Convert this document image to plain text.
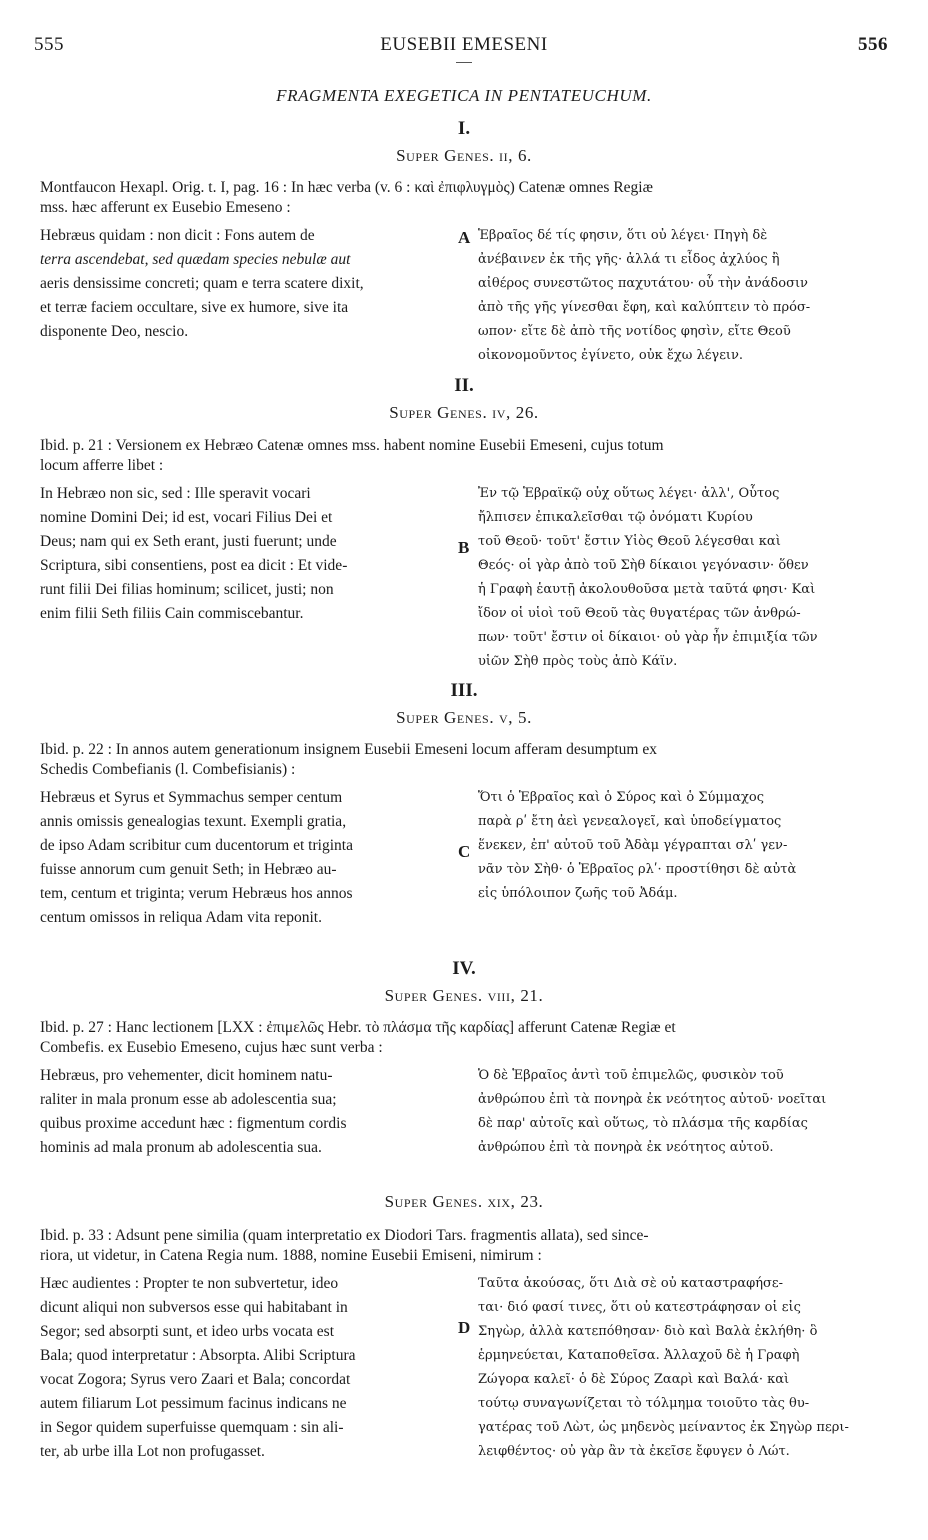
555	EUSEBII EMESENI	556
FRAGMENTA EXEGETICA IN PENTATEUCHUM.
I.
Super Genes. ii, 6.
Montfaucon Hexapl. Orig. t. I, pag. 16 : In hæc verba (v. 6 : καὶ ἐπιφλυγμὸς) Catenæ omnes Regiæ
mss. hæc afferunt ex Eusebio Emeseno :
A
Hebræus quidam : non dicit : Fons autem de
terra ascendebat, sed quædam species nebulæ aut
aeris densissime concreti; quam e terra scatere dixit,
et terræ faciem occultare, sive ex humore, sive ita
disponente Deo, nescio.
Ἑβραῖος δέ τίς φησιν, ὅτι οὐ λέγει· Πηγὴ δὲ
ἀνέβαινεν ἐκ τῆς γῆς· ἀλλά τι εἶδος ἀχλύος ἢ
αἰθέρος συνεστῶτος παχυτάτου· οὗ τὴν ἀνάδοσιν
ἀπὸ τῆς γῆς γίνεσθαι ἔφη, καὶ καλύπτειν τὸ πρόσ-
ωπον· εἴτε δὲ ἀπὸ τῆς νοτίδος φησὶν, εἴτε Θεοῦ
οἰκονομοῦντος ἐγίνετο, οὐκ ἔχω λέγειν.
II.
Super Genes. iv, 26.
Ibid. p. 21 : Versionem ex Hebræo Catenæ omnes mss. habent nomine Eusebii Emeseni, cujus totum
locum afferre libet :
B
In Hebræo non sic, sed : Ille speravit vocari
nomine Domini Dei; id est, vocari Filius Dei et
Deus; nam qui ex Seth erant, justi fuerunt; unde
Scriptura, sibi consentiens, post ea dicit : Et vide-
runt filii Dei filias hominum; scilicet, justi; non
enim filii Seth filiis Cain commiscebantur.
Ἐν τῷ Ἑβραϊκῷ οὐχ οὕτως λέγει· ἀλλ', Οὗτος
ἤλπισεν ἐπικαλεῖσθαι τῷ ὀνόματι Κυρίου
τοῦ Θεοῦ· τοῦτ' ἔστιν Υἱὸς Θεοῦ λέγεσθαι καὶ
Θεός· οἱ γὰρ ἀπὸ τοῦ Σὴθ δίκαιοι γεγόνασιν· ὅθεν
ἡ Γραφὴ ἑαυτῇ ἀκολουθοῦσα μετὰ ταῦτά φησι· Καὶ
ἴδον οἱ υἱοὶ τοῦ Θεοῦ τὰς θυγατέρας τῶν ἀνθρώ-
πων· τοῦτ' ἔστιν οἱ δίκαιοι· οὐ γὰρ ἦν ἐπιμιξία τῶν
υἱῶν Σὴθ πρὸς τοὺς ἀπὸ Κάϊν.
III.
Super Genes. v, 5.
Ibid. p. 22 : In annos autem generationum insignem Eusebii Emeseni locum afferam desumptum ex
Schedis Combefianis (l. Combefisianis) :
C
Hebræus et Syrus et Symmachus semper centum
annis omissis genealogias texunt. Exempli gratia,
de ipso Adam scribitur cum ducentorum et triginta
fuisse annorum cum genuit Seth; in Hebræo au-
tem, centum et triginta; verum Hebræus hos annos
centum omissos in reliqua Adam vita reponit.
Ὅτι ὁ Ἑβραῖος καὶ ὁ Σύρος καὶ ὁ Σύμμαχος
παρὰ ρʹ ἔτη ἀεὶ γενεαλογεῖ, καὶ ὑποδείγματος
ἕνεκεν, ἐπ' αὐτοῦ τοῦ Ἀδὰμ γέγραπται σλʹ γεν-
νᾶν τὸν Σὴθ· ὁ Ἑβραῖος ρλʹ· προστίθησι δὲ αὐτὰ
εἰς ὑπόλοιπον ζωῆς τοῦ Ἀδάμ.
IV.
Super Genes. viii, 21.
Ibid. p. 27 : Hanc lectionem [LXX : ἐπιμελῶς Hebr. τὸ πλάσμα τῆς καρδίας] afferunt Catenæ Regiæ et
Combefis. ex Eusebio Emeseno, cujus hæc sunt verba :
Hebræus, pro vehementer, dicit hominem natu-
raliter in mala pronum esse ab adolescentia sua;
quibus proxime accedunt hæc : figmentum cordis
hominis ad mala pronum ab adolescentia sua.
Ὁ δὲ Ἑβραῖος ἀντὶ τοῦ ἐπιμελῶς, φυσικὸν τοῦ
ἀνθρώπου ἐπὶ τὰ πονηρὰ ἐκ νεότητος αὐτοῦ· νοεῖται
δὲ παρ' αὐτοῖς καὶ οὕτως, τὸ πλάσμα τῆς καρδίας
ἀνθρώπου ἐπὶ τὰ πονηρὰ ἐκ νεότητος αὐτοῦ.
Super Genes. xix, 23.
Ibid. p. 33 : Adsunt pene similia (quam interpretatio ex Diodori Tars. fragmentis allata), sed since-
riora, ut videtur, in Catena Regia num. 1888, nomine Eusebii Emiseni, nimirum :
D
Hæc audientes : Propter te non subvertetur, ideo
dicunt aliqui non subversos esse qui habitabant in
Segor; sed absorpti sunt, et ideo urbs vocata est
Bala; quod interpretatur : Absorpta. Alibi Scriptura
vocat Zogora; Syrus vero Zaari et Bala; concordat
autem filiarum Lot pessimum facinus indicans ne
in Segor quidem superfuisse quemquam : sin ali-
ter, ab urbe illa Lot non profugasset.
Ταῦτα ἀκούσας, ὅτι Διὰ σὲ οὐ καταστραφήσε-
ται· διό φασί τινες, ὅτι οὐ κατεστράφησαν οἱ εἰς
Σηγὼρ, ἀλλὰ κατεπόθησαν· διὸ καὶ Βαλὰ ἐκλήθη· ὃ
ἑρμηνεύεται, Καταποθεῖσα. Ἀλλαχοῦ δὲ ἡ Γραφὴ
Ζώγορα καλεῖ· ὁ δὲ Σύρος Ζααρὶ καὶ Βαλά· καὶ
τούτῳ συναγωνίζεται τὸ τόλμημα τοιοῦτο τὰς θυ-
γατέρας τοῦ Λὼτ, ὡς μηδενὸς μείναντος ἐκ Σηγὼρ περι-
λειφθέντος· οὐ γὰρ ἂν τὰ ἐκεῖσε ἔφυγεν ὁ Λώτ.
